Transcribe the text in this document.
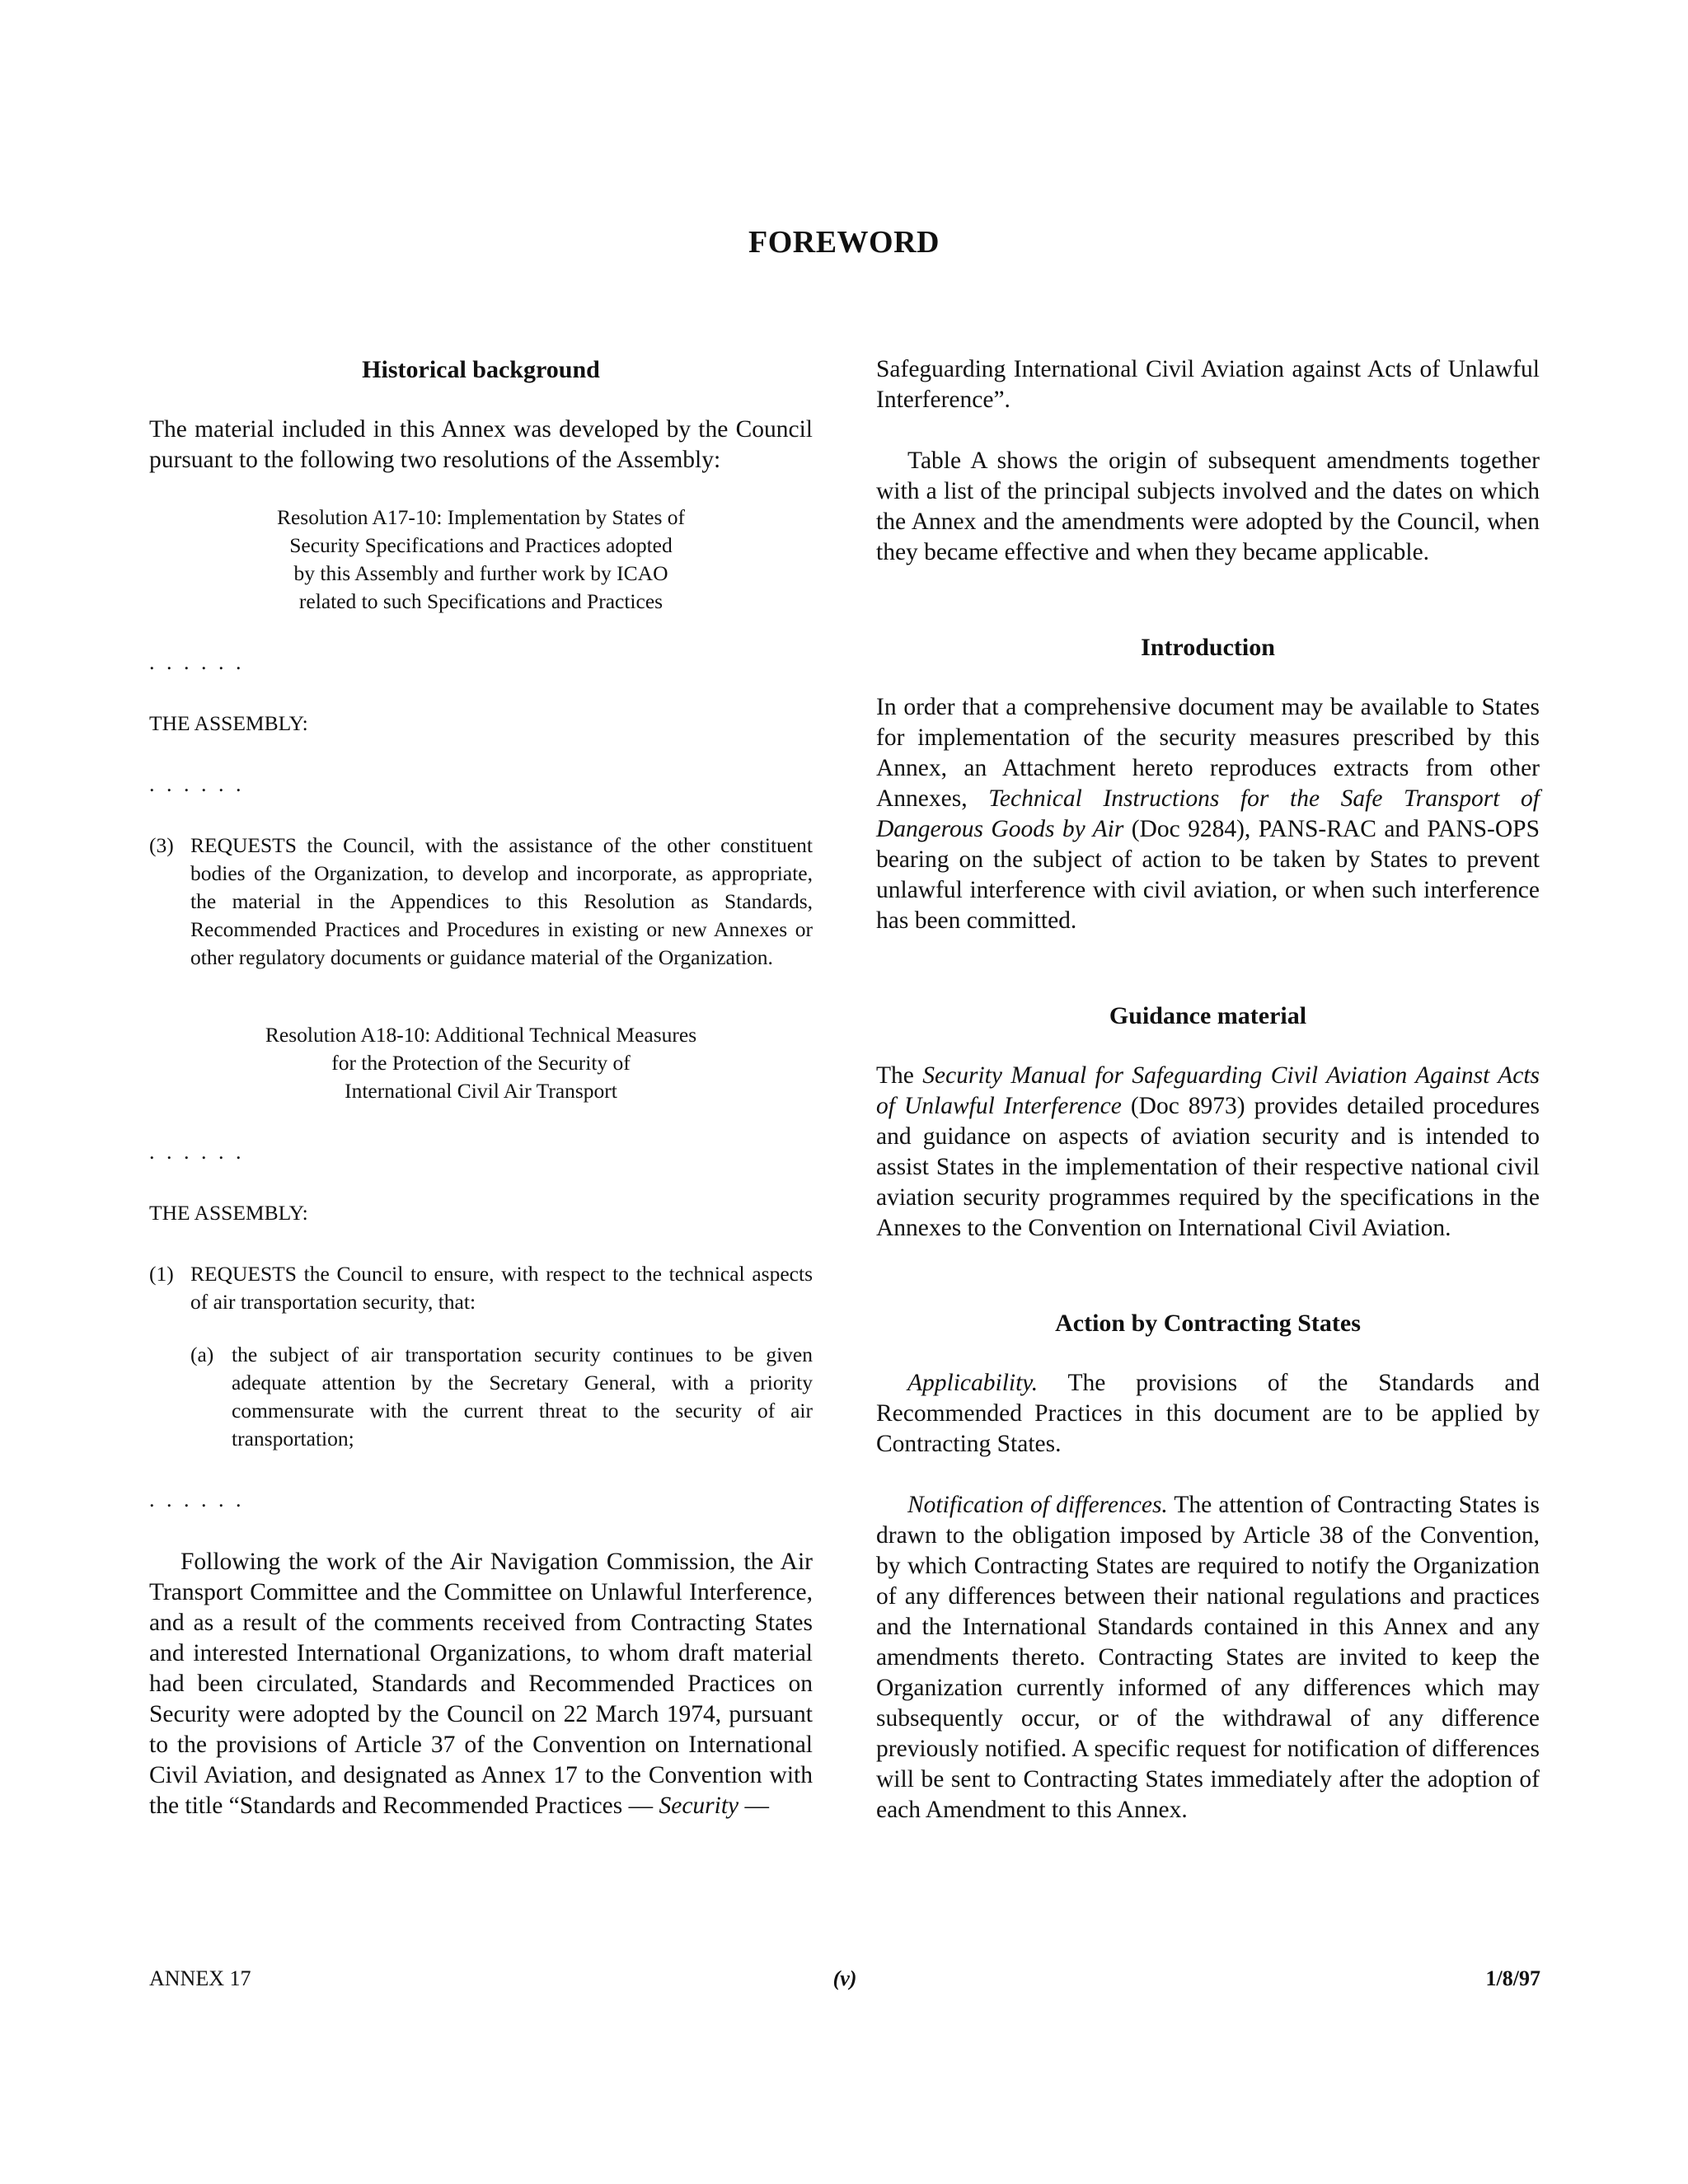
FOREWORD
Historical background

The material included in this Annex was developed by the Council pursuant to the following two resolutions of the Assembly:

Resolution A17-10: Implementation by States of
Security Specifications and Practices adopted
by this Assembly and further work by ICAO
related to such Specifications and Practices
. . . . . .
THE ASSEMBLY:
. . . . . .
(3) REQUESTS the Council, with the assistance of the other constituent bodies of the Organization, to develop and incorporate, as appropriate, the material in the Appendices to this Resolution as Standards, Recommended Practices and Procedures in existing or new Annexes or other regulatory documents or guidance material of the Organization.
Resolution A18-10: Additional Technical Measures
for the Protection of the Security of
International Civil Air Transport
. . . . . .
THE ASSEMBLY:
(1) REQUESTS the Council to ensure, with respect to the technical aspects of air transportation security, that:
(a) the subject of air transportation security continues to be given adequate attention by the Secretary General, with a priority commensurate with the current threat to the security of air transportation;
. . . . . .

Following the work of the Air Navigation Commission, the Air Transport Committee and the Committee on Unlawful Interference, and as a result of the comments received from Contracting States and interested International Organizations, to whom draft material had been circulated, Standards and Recommended Practices on Security were adopted by the Council on 22 March 1974, pursuant to the provisions of Article 37 of the Convention on International Civil Aviation, and designated as Annex 17 to the Convention with the title “Standards and Recommended Practices — Security —

Safeguarding International Civil Aviation against Acts of Unlawful Interference”.

Table A shows the origin of subsequent amendments together with a list of the principal subjects involved and the dates on which the Annex and the amendments were adopted by the Council, when they became effective and when they became applicable.

Introduction

In order that a comprehensive document may be available to States for implementation of the security measures prescribed by this Annex, an Attachment hereto reproduces extracts from other Annexes, Technical Instructions for the Safe Transport of Dangerous Goods by Air (Doc 9284), PANS-RAC and PANS-OPS bearing on the subject of action to be taken by States to prevent unlawful interference with civil aviation, or when such interference has been committed.

Guidance material

The Security Manual for Safeguarding Civil Aviation Against Acts of Unlawful Interference (Doc 8973) provides detailed procedures and guidance on aspects of aviation security and is intended to assist States in the implementation of their respective national civil aviation security programmes required by the specifications in the Annexes to the Convention on International Civil Aviation.

Action by Contracting States

Applicability. The provisions of the Standards and Recommended Practices in this document are to be applied by Contracting States.

Notification of differences. The attention of Contracting States is drawn to the obligation imposed by Article 38 of the Convention, by which Contracting States are required to notify the Organization of any differences between their national regulations and practices and the International Standards contained in this Annex and any amendments thereto. Contracting States are invited to keep the Organization currently informed of any differences which may subsequently occur, or of the withdrawal of any difference previously notified. A specific request for notification of differences will be sent to Contracting States immediately after the adoption of each Amendment to this Annex.

ANNEX 17	(v)	1/8/97
